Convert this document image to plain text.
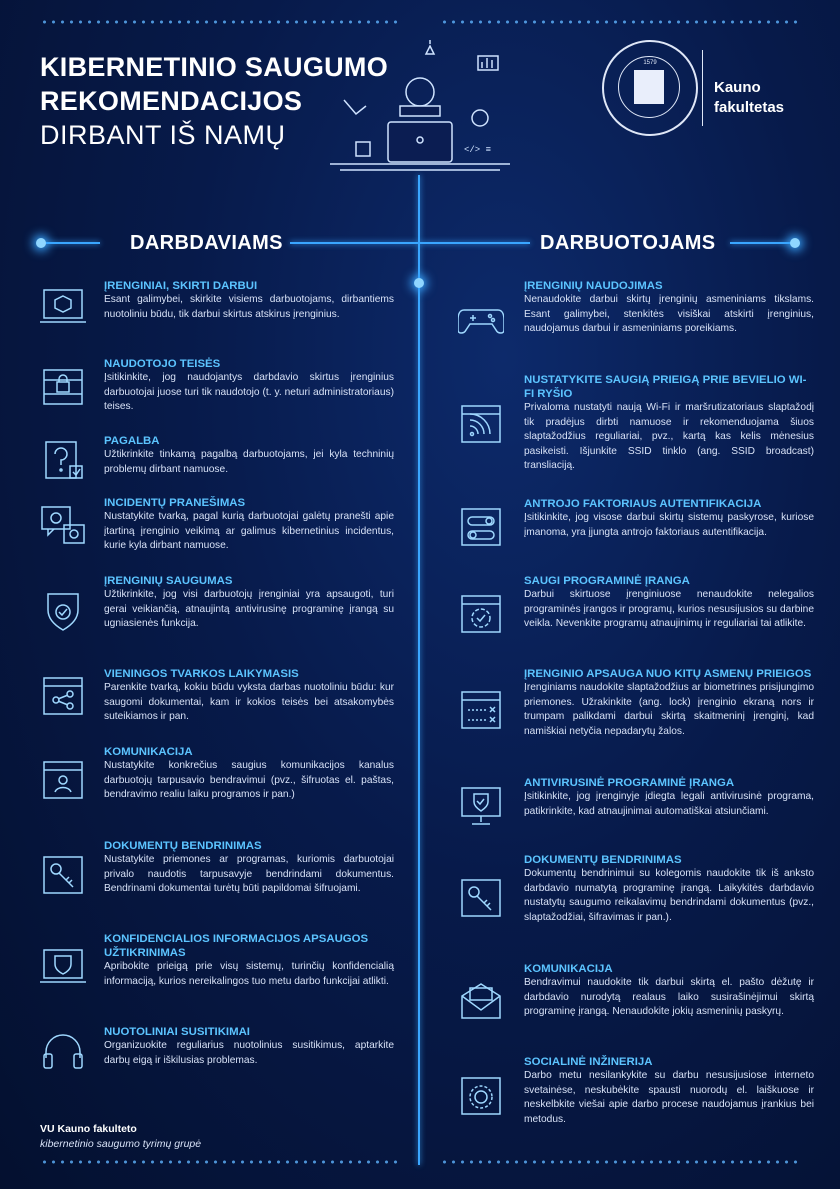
KIBERNETINIO SAUGUMO
REKOMENDACIJOS
DIRBANT IŠ NAMŲ	</> ≡
1579
Kauno
fakultetas
DARBDAVIAMS	DARBUOTOJAMS
ĮRENGINIAI, SKIRTI DARBUI
Esant galimybei, skirkite visiems darbuotojams, dirbantiems nuotoliniu būdu, tik darbui skirtus atskirus įrenginius.
NAUDOTOJO TEISĖS
Įsitikinkite, jog naudojantys darbdavio skirtus įrenginius darbuotojai juose turi tik naudotojo (t. y. neturi administratoriaus) teises.
PAGALBA
Užtikrinkite tinkamą pagalbą darbuotojams, jei kyla techninių problemų dirbant namuose.
INCIDENTŲ PRANEŠIMAS
Nustatykite tvarką, pagal kurią darbuotojai galėtų pranešti apie įtartiną įrenginio veikimą ar galimus kibernetinius incidentus, kurie kyla dirbant namuose.
ĮRENGINIŲ SAUGUMAS
Užtikrinkite, jog visi darbuotojų įrenginiai yra apsaugoti, turi gerai veikiančią, atnaujintą antivirusinę programinę įrangą su ugniasienės funkcija.
VIENINGOS TVARKOS LAIKYMASIS
Parenkite tvarką, kokiu būdu vyksta darbas nuotoliniu būdu: kur saugomi dokumentai, kam ir kokios teisės bei atsakomybės suteikiamos ir pan.
KOMUNIKACIJA
Nustatykite konkrečius saugius komunikacijos kanalus darbuotojų tarpusavio bendravimui (pvz., šifruotas el. paštas, bendravimo realiu laiku programos ir pan.)
DOKUMENTŲ BENDRINIMAS
Nustatykite priemones ar programas, kuriomis darbuotojai privalo naudotis tarpusavyje bendrindami dokumentus. Bendrinami dokumentai turėtų būti papildomai šifruojami.
KONFIDENCIALIOS INFORMACIJOS APSAUGOS UŽTIKRINIMAS
Apribokite prieigą prie visų sistemų, turinčių konfidencialią informaciją, kurios nereikalingos tuo metu darbo funkcijai atlikti.
NUOTOLINIAI SUSITIKIMAI
Organizuokite reguliarius nuotolinius susitikimus, aptarkite darbų eigą ir iškilusias problemas.
ĮRENGINIŲ NAUDOJIMAS
Nenaudokite darbui skirtų įrenginių asmeniniams tikslams. Esant galimybei, stenkitės visiškai atskirti įrenginius, naudojamus darbui ir asmeniniams poreikiams.
NUSTATYKITE SAUGIĄ PRIEIGĄ PRIE BEVIELIO WI-FI RYŠIO
Privaloma nustatyti naują Wi-Fi ir maršrutizatoriaus slaptažodį tik pradėjus dirbti namuose ir rekomenduojama šiuos slaptažodžius reguliariai, pvz., kartą kas kelis mėnesius pasikeisti. Išjunkite SSID tinklo (ang. SSID broadcast) transliaciją.
ANTROJO FAKTORIAUS AUTENTIFIKACIJA
Įsitikinkite, jog visose darbui skirtų sistemų paskyrose, kuriose įmanoma, yra įjungta antrojo faktoriaus autentifikacija.
SAUGI PROGRAMINĖ ĮRANGA
Darbui skirtuose įrenginiuose nenaudokite nelegalios programinės įrangos ir programų, kurios nesusijusios su darbine veikla. Nevenkite programų atnaujinimų ir reguliariai tai atlikite.
ĮRENGINIO APSAUGA NUO KITŲ ASMENŲ PRIEIGOS
Įrenginiams naudokite slaptažodžius ar biometrines prisijungimo priemones. Užrakinkite (ang. lock) įrenginio ekraną nors ir trumpam palikdami darbui skirtą skaitmeninį įrenginį, kad namiškiai netyčia nepadarytų žalos.
ANTIVIRUSINĖ PROGRAMINĖ ĮRANGA
Įsitikinkite, jog įrenginyje įdiegta legali antivirusinė programa, patikrinkite, kad atnaujinimai automatiškai atsiunčiami.
DOKUMENTŲ BENDRINIMAS
Dokumentų bendrinimui su kolegomis naudokite tik iš anksto darbdavio numatytą programinę įrangą. Laikykitės darbdavio nustatytų saugumo reikalavimų bendrindami dokumentus (pvz., slaptažodžiai, šifravimas ir pan.).
KOMUNIKACIJA
Bendravimui naudokite tik darbui skirtą el. pašto dėžutę ir darbdavio nurodytą realaus laiko susirašinėjimui skirtą programinę įrangą. Nenaudokite jokių asmeninių paskyrų.
SOCIALINĖ INŽINERIJA
Darbo metu nesilankykite su darbu nesusijusiose interneto svetainėse, neskubėkite spausti nuorodų el. laiškuose ir neskelbkite viešai apie darbo procese naudojamus įrankius bei metodus.
VU Kauno fakulteto
kibernetinio saugumo tyrimų grupė
